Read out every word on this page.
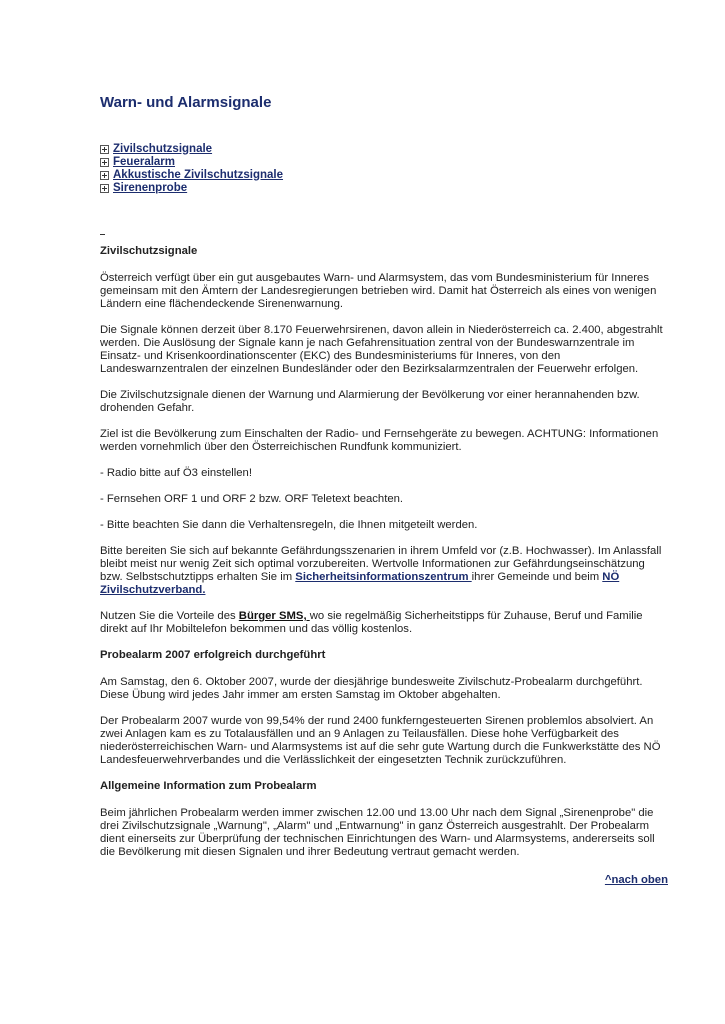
Warn- und Alarmsignale
Zivilschutzsignale
Feueralarm
Akkustische Zivilschutzsignale
Sirenenprobe
Zivilschutzsignale

Österreich verfügt über ein gut ausgebautes Warn- und Alarmsystem, das vom Bundesministerium für Inneres gemeinsam mit den Ämtern der Landesregierungen betrieben wird. Damit hat Österreich als eines von wenigen Ländern eine flächendeckende Sirenenwarnung.

Die Signale können derzeit über 8.170 Feuerwehrsirenen, davon allein in Niederösterreich ca. 2.400, abgestrahlt werden. Die Auslösung der Signale kann je nach Gefahrensituation zentral von der Bundeswarnzentrale im Einsatz- und Krisenkoordinationscenter (EKC) des Bundesministeriums für Inneres, von den Landeswarnzentralen der einzelnen Bundesländer oder den Bezirksalarmzentralen der Feuerwehr erfolgen.

Die Zivilschutzsignale dienen der Warnung und Alarmierung der Bevölkerung vor einer herannahenden bzw. drohenden Gefahr.

Ziel ist die Bevölkerung zum Einschalten der Radio- und Fernsehgeräte zu bewegen. ACHTUNG: Informationen werden vornehmlich über den Österreichischen Rundfunk kommuniziert.

- Radio bitte auf Ö3 einstellen!

- Fernsehen ORF 1 und ORF 2 bzw. ORF Teletext beachten.

- Bitte beachten Sie dann die Verhaltensregeln, die Ihnen mitgeteilt werden.

Bitte bereiten Sie sich auf bekannte Gefährdungsszenarien in ihrem Umfeld vor (z.B. Hochwasser). Im Anlassfall bleibt meist nur wenig Zeit sich optimal vorzubereiten. Wertvolle Informationen zur Gefährdungseinschätzung bzw. Selbstschutztipps erhalten Sie im Sicherheitsinformationszentrum ihrer Gemeinde und beim NÖ Zivilschutzverband.

Nutzen Sie die Vorteile des Bürger SMS, wo sie regelmäßig Sicherheitstipps für Zuhause, Beruf und Familie direkt auf Ihr Mobiltelefon bekommen und das völlig kostenlos.

Probealarm 2007 erfolgreich durchgeführt

Am Samstag, den 6. Oktober 2007, wurde der diesjährige bundesweite Zivilschutz-Probealarm durchgeführt. Diese Übung wird jedes Jahr immer am ersten Samstag im Oktober abgehalten.

Der Probealarm 2007 wurde von 99,54% der rund 2400 funkferngesteuerten Sirenen problemlos absolviert. An zwei Anlagen kam es zu Totalausfällen und an 9 Anlagen zu Teilausfällen. Diese hohe Verfügbarkeit des niederösterreichischen Warn- und Alarmsystems ist auf die sehr gute Wartung durch die Funkwerkstätte des NÖ Landesfeuerwehrverbandes und die Verlässlichkeit der eingesetzten Technik zurückzuführen.

Allgemeine Information zum Probealarm

Beim jährlichen Probealarm werden immer zwischen 12.00 und 13.00 Uhr nach dem Signal „Sirenenprobe" die drei Zivilschutzsignale „Warnung", „Alarm" und „Entwarnung" in ganz Österreich ausgestrahlt. Der Probealarm dient einerseits zur Überprüfung der technischen Einrichtungen des Warn- und Alarmsystems, andererseits soll die Bevölkerung mit diesen Signalen und ihrer Bedeutung vertraut gemacht werden.

^nach oben
